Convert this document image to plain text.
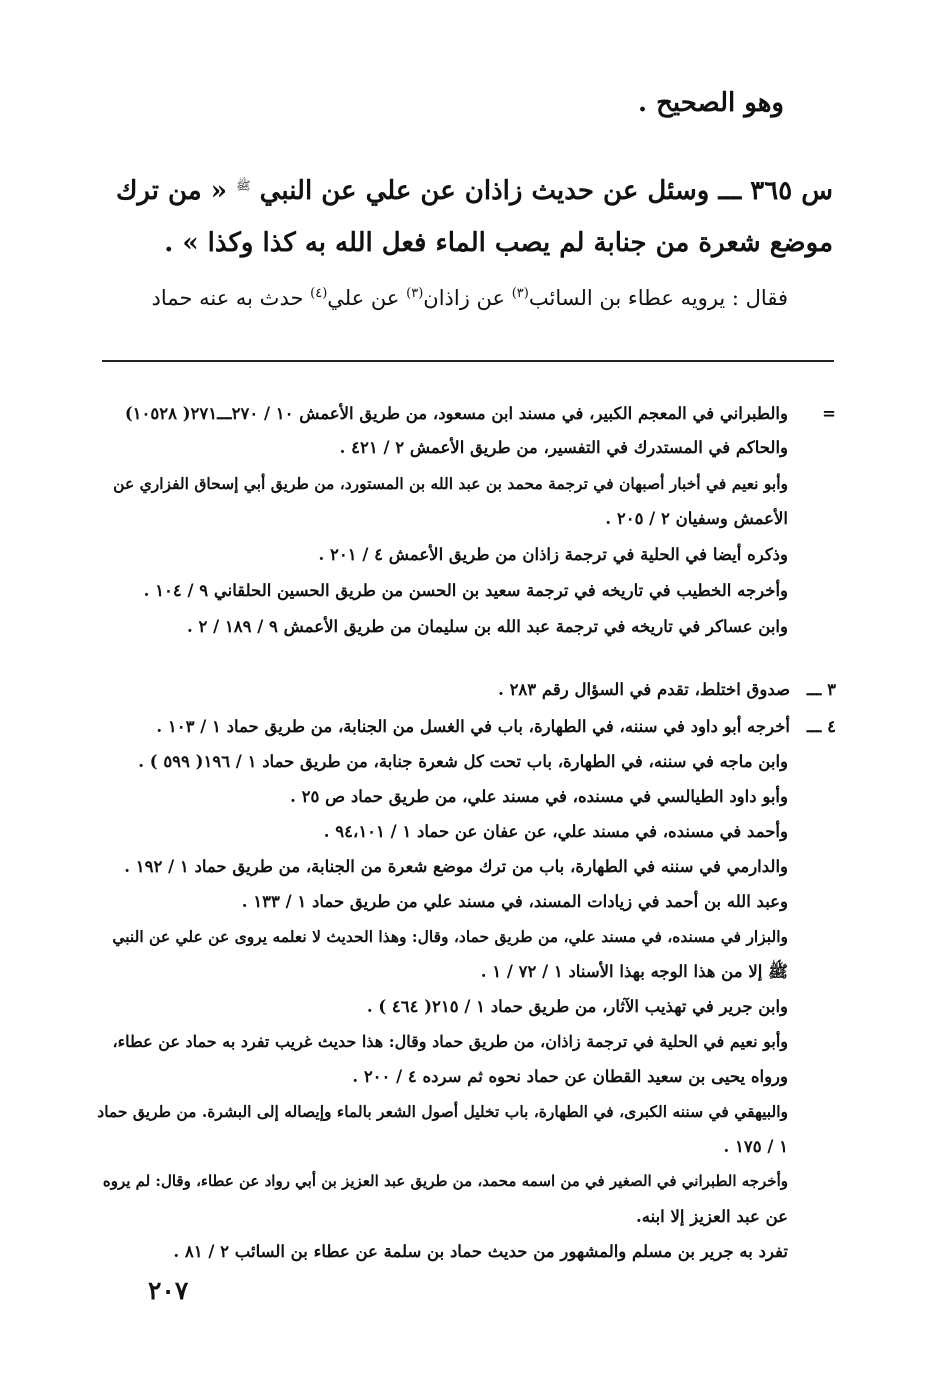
وهو الصحيح .
س ٣٦٥ ـــ وسئل عن حديث زاذان عن علي عن النبي $^ﷺ$ « من ترك
موضع شعرة من جنابة لم يصب الماء فعل الله به كذا وكذا » .
فقال : يرويه عطاء بن السائب$^{(٣)}$ عن زاذان$^{(٣)}$ عن علي$^{(٤)}$ حدث به عنه حماد
=
والطبراني في المعجم الكبير، في مسند ابن مسعود، من طريق الأعمش ١٠ / ٢٧٠ـــ٢٧١( ١٠٥٢٨)
والحاكم في المستدرك في التفسير، من طريق الأعمش ٢ / ٤٢١ .
وأبو نعيم في أخبار أصبهان في ترجمة محمد بن عبد الله بن المستورد، من طريق أبي إسحاق الفزاري عن
الأعمش وسفيان ٢ / ٢٠٥ .
وذكره أيضا في الحلية في ترجمة زاذان من طريق الأعمش ٤ / ٢٠١ .
وأخرجه الخطيب في تاريخه في ترجمة سعيد بن الحسن من طريق الحسين الحلقاني ٩ / ١٠٤ .
وابن عساكر في تاريخه في ترجمة عبد الله بن سليمان من طريق الأعمش ٩ / ١٨٩ / ٢ .
٣ ـــ
صدوق اختلط، تقدم في السؤال رقم ٢٨٣ .
٤ ـــ
أخرجه أبو داود في سننه، في الطهارة، باب في الغسل من الجنابة، من طريق حماد ١ / ١٠٣ .
وابن ماجه في سننه، في الطهارة، باب تحت كل شعرة جنابة، من طريق حماد ١ / ١٩٦( ٥٩٩ ) .
وأبو داود الطيالسي في مسنده، في مسند علي، من طريق حماد ص ٢٥ .
وأحمد في مسنده، في مسند علي، عن عفان عن حماد ١ / ٩٤،١٠١ .
والدارمي في سننه في الطهارة، باب من ترك موضع شعرة من الجنابة، من طريق حماد ١ / ١٩٢ .
وعبد الله بن أحمد في زيادات المسند، في مسند علي من طريق حماد ١ / ١٣٣ .
والبزار في مسنده، في مسند علي، من طريق حماد، وقال: وهذا الحديث لا نعلمه يروى عن علي عن النبي
ﷺ إلا من هذا الوجه بهذا الأسناد ١ / ٧٢ / ١ .
وابن جرير في تهذيب الآثار، من طريق حماد ١ / ٢١٥( ٤٦٤ ) .
وأبو نعيم في الحلية في ترجمة زاذان، من طريق حماد وقال: هذا حديث غريب تفرد به حماد عن عطاء،
ورواه يحيى بن سعيد القطان عن حماد نحوه ثم سرده ٤ / ٢٠٠ .
والبيهقي في سننه الكبرى، في الطهارة، باب تخليل أصول الشعر بالماء وإيصاله إلى البشرة. من طريق حماد
١ / ١٧٥ .
وأخرجه الطبراني في الصغير في من اسمه محمد، من طريق عبد العزيز بن أبي رواد عن عطاء، وقال: لم يروه
عن عبد العزيز إلا ابنه.
تفرد به جرير بن مسلم والمشهور من حديث حماد بن سلمة عن عطاء بن السائب ٢ / ٨١ .
٢٠٧
